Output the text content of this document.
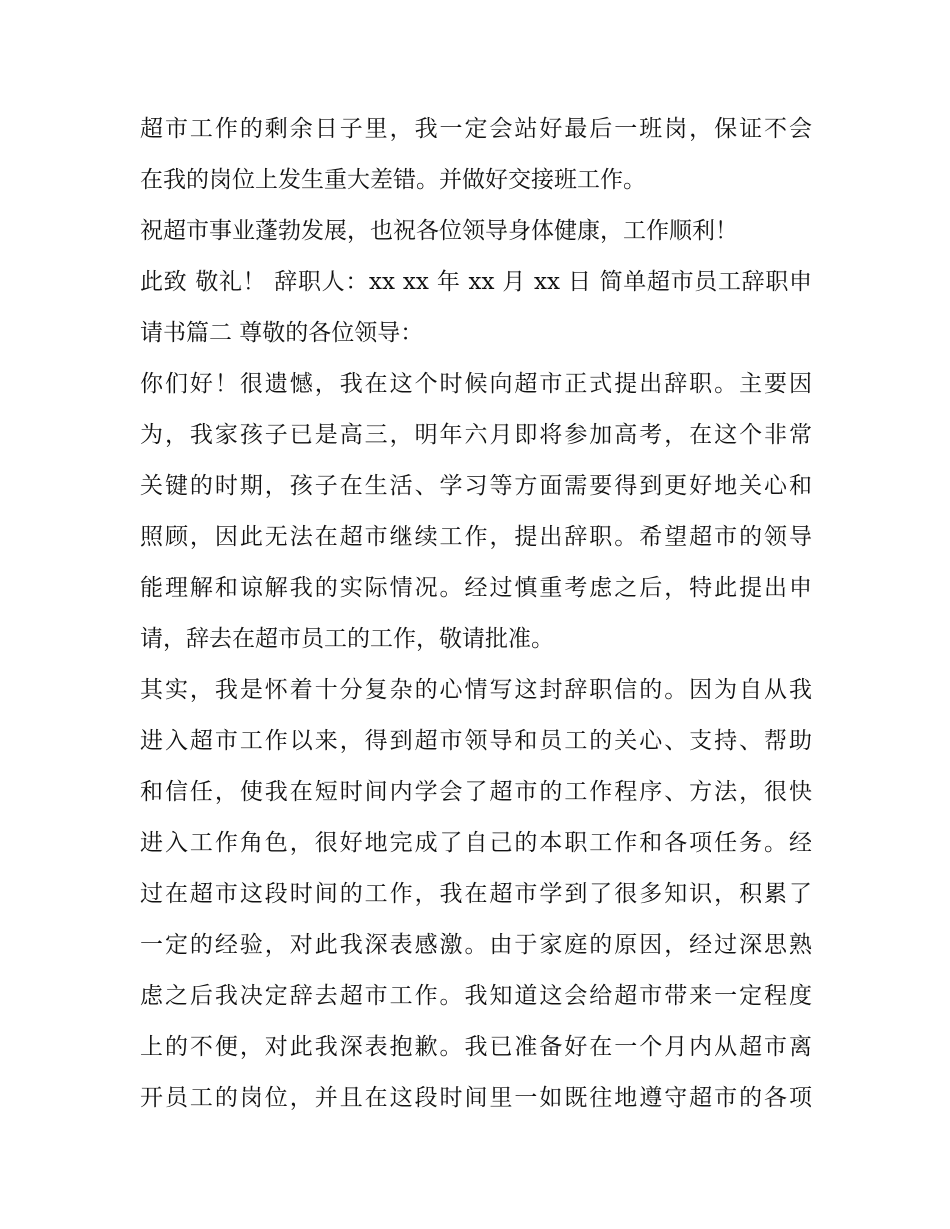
超市工作的剩余日子里，我一定会站好最后一班岗，保证不会
在我的岗位上发生重大差错。并做好交接班工作。
祝超市事业蓬勃发展，也祝各位领导身体健康，工作顺利！
此致 敬礼！ 辞职人：xx xx 年 xx 月 xx 日 简单超市员工辞职申
请书篇二 尊敬的各位领导：
你们好！很遗憾，我在这个时候向超市正式提出辞职。主要因
为，我家孩子已是高三，明年六月即将参加高考，在这个非常
关键的时期，孩子在生活、学习等方面需要得到更好地关心和
照顾，因此无法在超市继续工作，提出辞职。希望超市的领导
能理解和谅解我的实际情况。经过慎重考虑之后，特此提出申
请，辞去在超市员工的工作，敬请批准。
其实，我是怀着十分复杂的心情写这封辞职信的。因为自从我
进入超市工作以来，得到超市领导和员工的关心、支持、帮助
和信任，使我在短时间内学会了超市的工作程序、方法，很快
进入工作角色，很好地完成了自己的本职工作和各项任务。经
过在超市这段时间的工作，我在超市学到了很多知识，积累了
一定的经验，对此我深表感激。由于家庭的原因，经过深思熟
虑之后我决定辞去超市工作。我知道这会给超市带来一定程度
上的不便，对此我深表抱歉。我已准备好在一个月内从超市离
开员工的岗位，并且在这段时间里一如既往地遵守超市的各项
